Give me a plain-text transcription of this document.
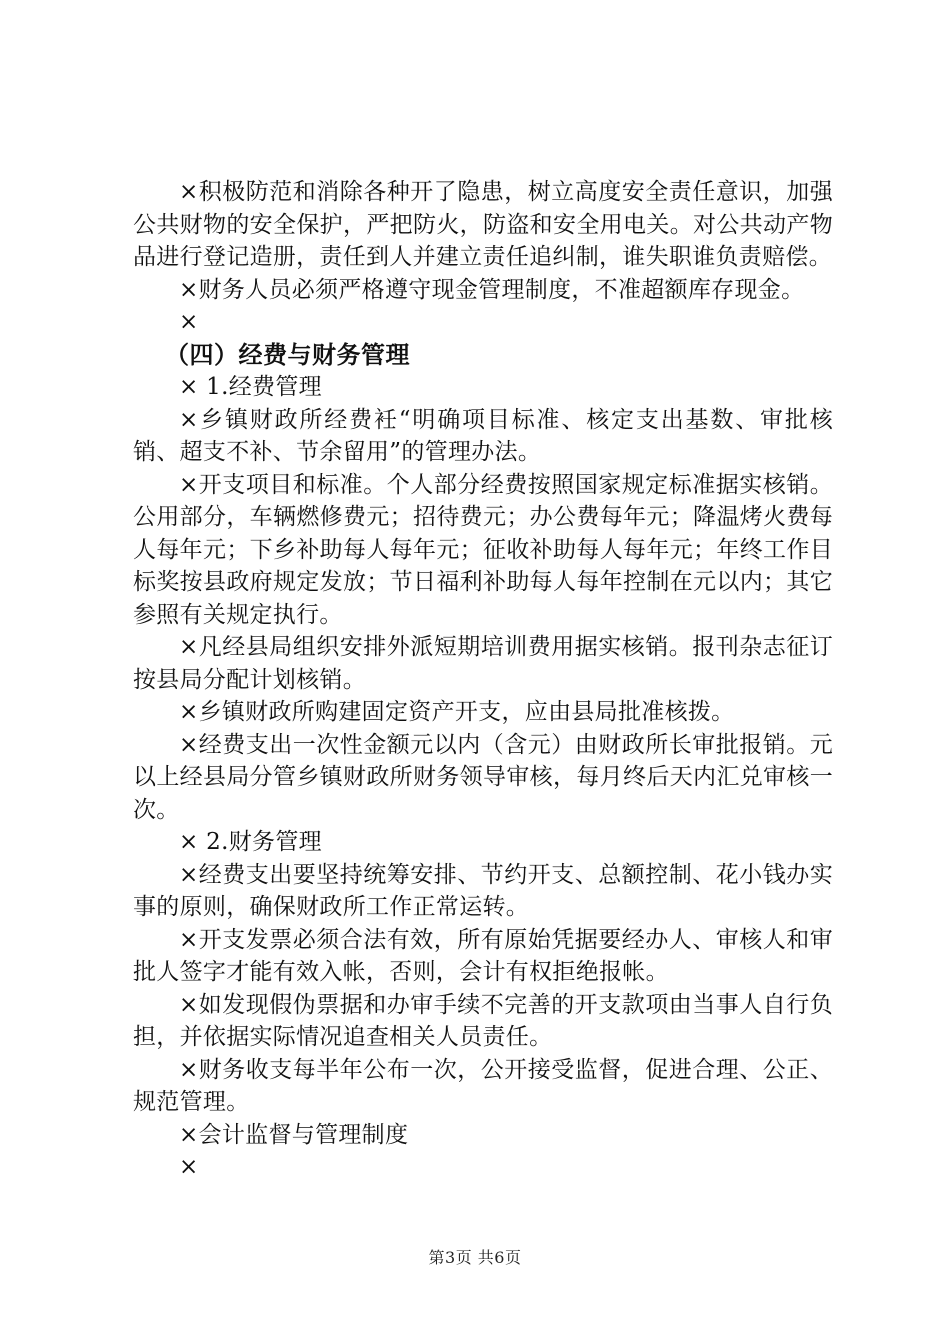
×积极防范和消除各种开了隐患，树立高度安全责任意识，加强公共财物的安全保护，严把防火，防盗和安全用电关。对公共动产物品进行登记造册，责任到人并建立责任追纠制，谁失职谁负责赔偿。

×财务人员必须严格遵守现金管理制度，不准超额库存现金。

×

（四）经费与财务管理

× 1.经费管理

×乡镇财政所经费衽“明确项目标准、核定支出基数、审批核销、超支不补、节余留用”的管理办法。

×开支项目和标准。个人部分经费按照国家规定标准据实核销。公用部分，车辆燃修费元；招待费元；办公费每年元；降温烤火费每人每年元；下乡补助每人每年元；征收补助每人每年元；年终工作目标奖按县政府规定发放；节日福利补助每人每年控制在元以内；其它参照有关规定执行。

×凡经县局组织安排外派短期培训费用据实核销。报刊杂志征订按县局分配计划核销。

×乡镇财政所购建固定资产开支，应由县局批准核拨。

×经费支出一次性金额元以内（含元）由财政所长审批报销。元以上经县局分管乡镇财政所财务领导审核，每月终后天内汇兑审核一次。

× 2.财务管理

×经费支出要坚持统筹安排、节约开支、总额控制、花小钱办实事的原则，确保财政所工作正常运转。

×开支发票必须合法有效，所有原始凭据要经办人、审核人和审批人签字才能有效入帐，否则，会计有权拒绝报帐。

×如发现假伪票据和办审手续不完善的开支款项由当事人自行负担，并依据实际情况追查相关人员责任。

×财务收支每半年公布一次，公开接受监督，促进合理、公正、规范管理。

×会计监督与管理制度

×

第3页 共6页
